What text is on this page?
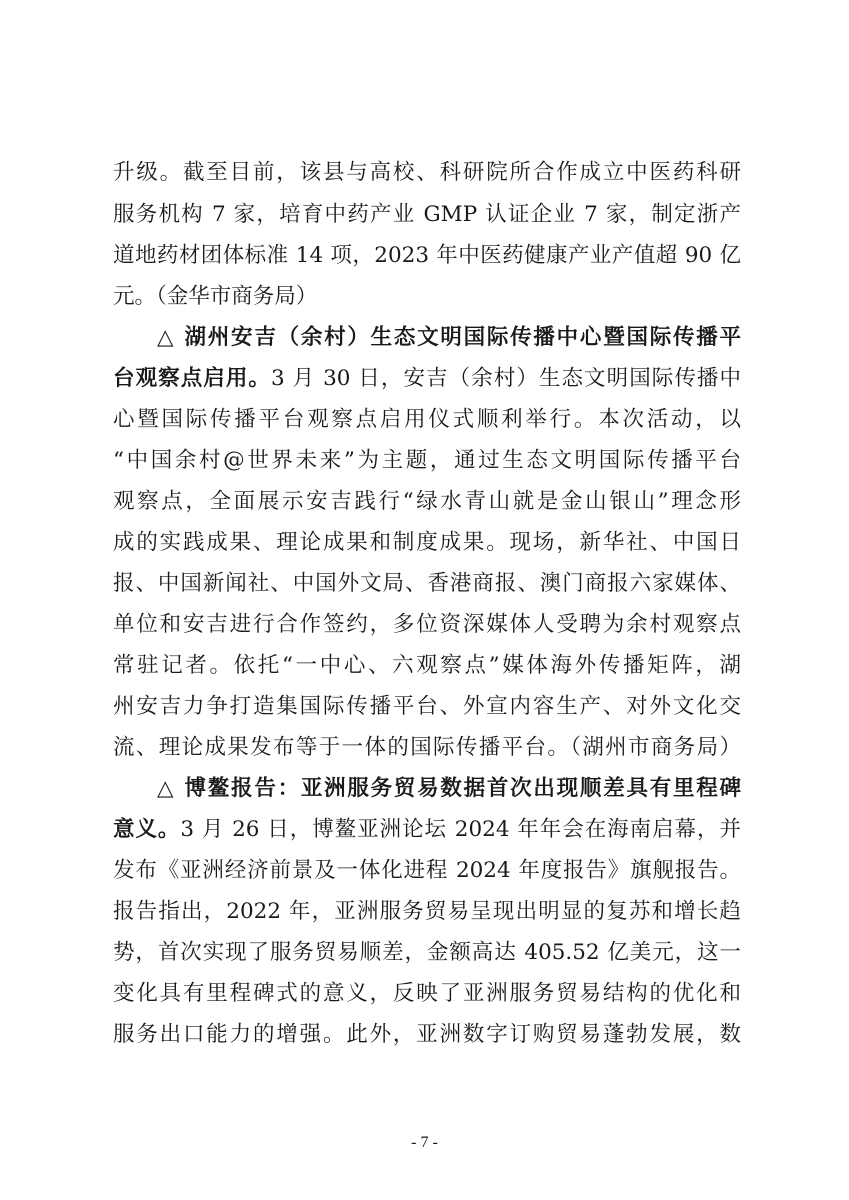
升级。截至目前，该县与高校、科研院所合作成立中医药科研
服务机构 7 家，培育中药产业 GMP 认证企业 7 家，制定浙产
道地药材团体标准 14 项，2023 年中医药健康产业产值超 90 亿
元。（金华市商务局）
△ 湖州安吉（余村）生态文明国际传播中心暨国际传播平
台观察点启用。3 月 30 日，安吉（余村）生态文明国际传播中
心暨国际传播平台观察点启用仪式顺利举行。本次活动，以
“中国余村@世界未来”为主题，通过生态文明国际传播平台
观察点，全面展示安吉践行“绿水青山就是金山银山”理念形
成的实践成果、理论成果和制度成果。现场，新华社、中国日
报、中国新闻社、中国外文局、香港商报、澳门商报六家媒体、
单位和安吉进行合作签约，多位资深媒体人受聘为余村观察点
常驻记者。依托“一中心、六观察点”媒体海外传播矩阵，湖
州安吉力争打造集国际传播平台、外宣内容生产、对外文化交
流、理论成果发布等于一体的国际传播平台。（湖州市商务局）
△ 博鳌报告：亚洲服务贸易数据首次出现顺差具有里程碑
意义。3 月 26 日，博鳌亚洲论坛 2024 年年会在海南启幕，并
发布《亚洲经济前景及一体化进程 2024 年度报告》旗舰报告。
报告指出，2022 年，亚洲服务贸易呈现出明显的复苏和增长趋
势，首次实现了服务贸易顺差，金额高达 405.52 亿美元，这一
变化具有里程碑式的意义，反映了亚洲服务贸易结构的优化和
服务出口能力的增强。此外，亚洲数字订购贸易蓬勃发展，数
- 7 -
